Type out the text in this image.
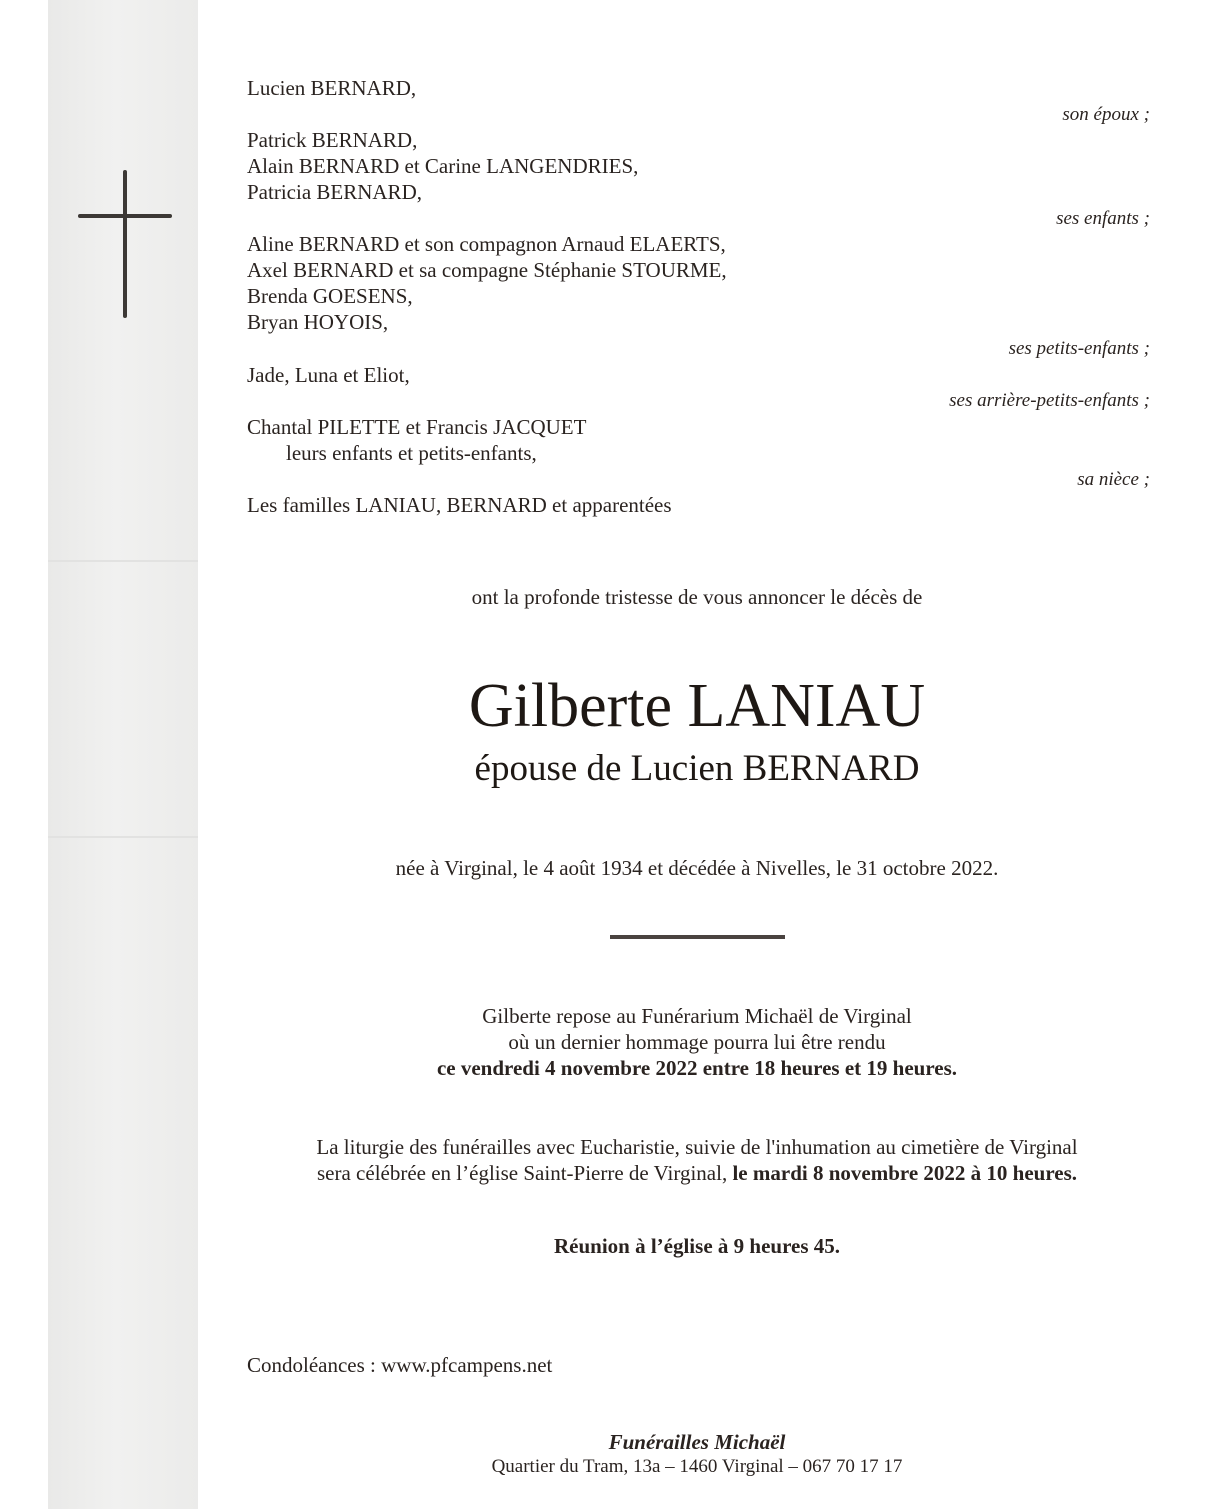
Lucien BERNARD,
son époux ;
Patrick BERNARD,
Alain BERNARD et Carine LANGENDRIES,
Patricia BERNARD,
ses enfants ;
Aline BERNARD et son compagnon Arnaud ELAERTS,
Axel BERNARD et sa compagne Stéphanie STOURME,
Brenda GOESENS,
Bryan HOYOIS,
ses petits-enfants ;
Jade, Luna et Eliot,
ses arrière-petits-enfants ;
Chantal PILETTE et Francis JACQUET
leurs enfants et petits-enfants,
sa nièce ;
Les familles LANIAU, BERNARD et apparentées
ont la profonde tristesse de vous annoncer le décès de
Gilberte LANIAU
épouse de Lucien BERNARD
née à Virginal, le 4 août 1934 et décédée à Nivelles, le 31 octobre 2022.
Gilberte repose au Funérarium Michaël de Virginal
où un dernier hommage pourra lui être rendu
ce vendredi 4 novembre 2022 entre 18 heures et 19 heures.
La liturgie des funérailles avec Eucharistie, suivie de l'inhumation au cimetière de Virginal
sera célébrée en l’église Saint-Pierre de Virginal, le mardi 8 novembre 2022 à 10 heures.
Réunion à l’église à 9 heures 45.
Condoléances : www.pfcampens.net
Funérailles Michaël
Quartier du Tram, 13a – 1460 Virginal – 067 70 17 17
